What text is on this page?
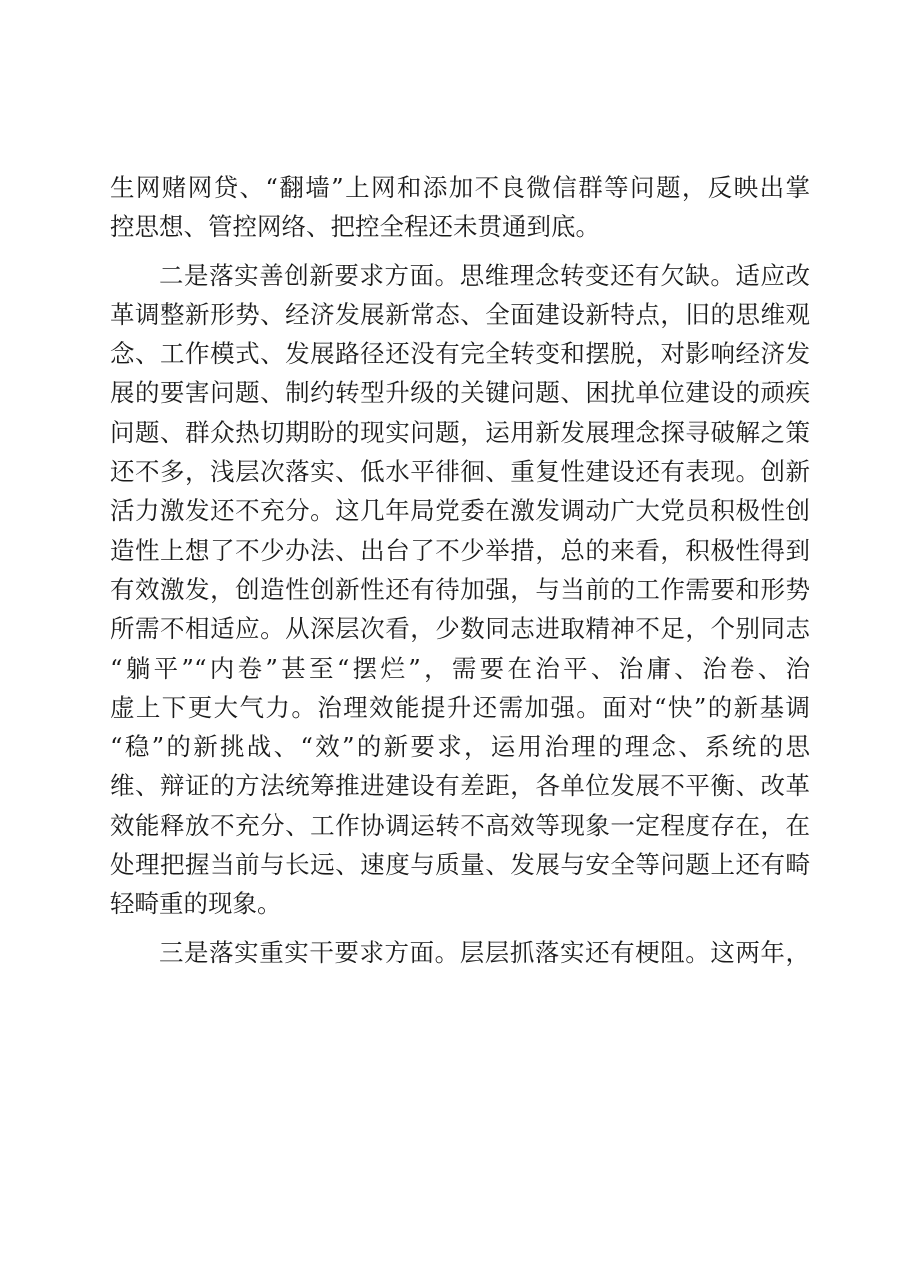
生网赌网贷、“翻墙”上网和添加不良微信群等问题，反映出掌
控思想、管控网络、把控全程还未贯通到底。
二是落实善创新要求方面。思维理念转变还有欠缺。适应改
革调整新形势、经济发展新常态、全面建设新特点，旧的思维观
念、工作模式、发展路径还没有完全转变和摆脱，对影响经济发
展的要害问题、制约转型升级的关键问题、困扰单位建设的顽疾
问题、群众热切期盼的现实问题，运用新发展理念探寻破解之策
还不多，浅层次落实、低水平徘徊、重复性建设还有表现。创新
活力激发还不充分。这几年局党委在激发调动广大党员积极性创
造性上想了不少办法、出台了不少举措，总的来看，积极性得到
有效激发，创造性创新性还有待加强，与当前的工作需要和形势
所需不相适应。从深层次看，少数同志进取精神不足，个别同志
“躺平”“内卷”甚至“摆烂”，需要在治平、治庸、治卷、治
虚上下更大气力。治理效能提升还需加强。面对“快”的新基调
“稳”的新挑战、“效”的新要求，运用治理的理念、系统的思
维、辩证的方法统筹推进建设有差距，各单位发展不平衡、改革
效能释放不充分、工作协调运转不高效等现象一定程度存在，在
处理把握当前与长远、速度与质量、发展与安全等问题上还有畸
轻畸重的现象。
三是落实重实干要求方面。层层抓落实还有梗阻。这两年，
